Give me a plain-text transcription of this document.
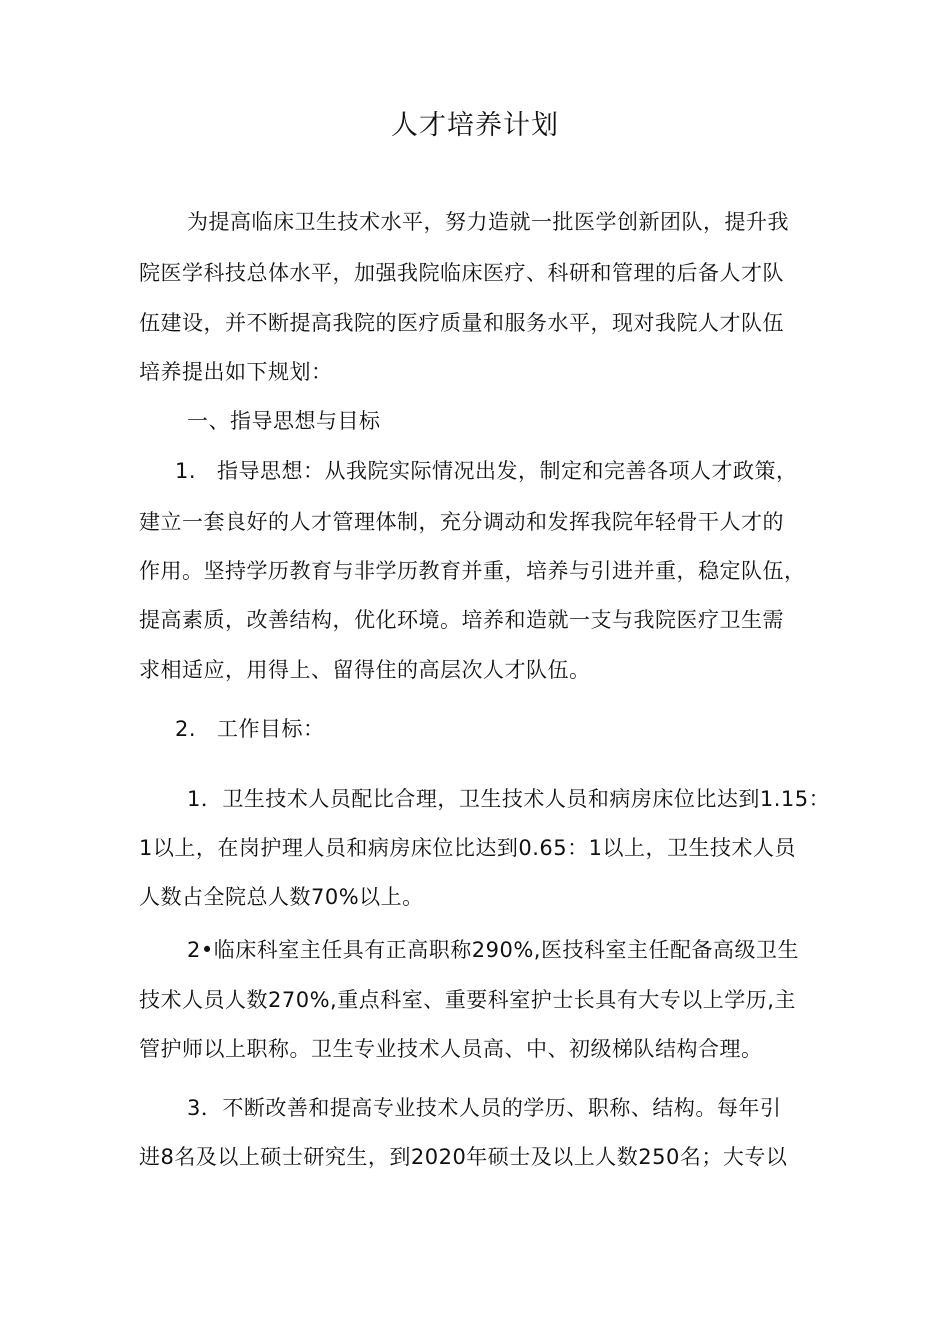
人才培养计划
为提高临床卫生技术水平，努力造就一批医学创新团队，提升我
院医学科技总体水平，加强我院临床医疗、科研和管理的后备人才队
伍建设，并不断提高我院的医疗质量和服务水平，现对我院人才队伍
培养提出如下规划：
一、指导思想与目标
1. 指导思想：从我院实际情况出发，制定和完善各项人才政策，
建立一套良好的人才管理体制，充分调动和发挥我院年轻骨干人才的
作用。坚持学历教育与非学历教育并重，培养与引进并重，稳定队伍，
提高素质，改善结构，优化环境。培养和造就一支与我院医疗卫生需
求相适应，用得上、留得住的高层次人才队伍。
2. 工作目标：
1．卫生技术人员配比合理，卫生技术人员和病房床位比达到1.15：
1以上，在岗护理人员和病房床位比达到0.65：1以上，卫生技术人员
人数占全院总人数70%以上。
2•临床科室主任具有正高职称290%,医技科室主任配备高级卫生
技术人员人数270%,重点科室、重要科室护士长具有大专以上学历,主
管护师以上职称。卫生专业技术人员高、中、初级梯队结构合理。
3．不断改善和提高专业技术人员的学历、职称、结构。每年引
进8名及以上硕士研究生，到2020年硕士及以上人数250名；大专以
